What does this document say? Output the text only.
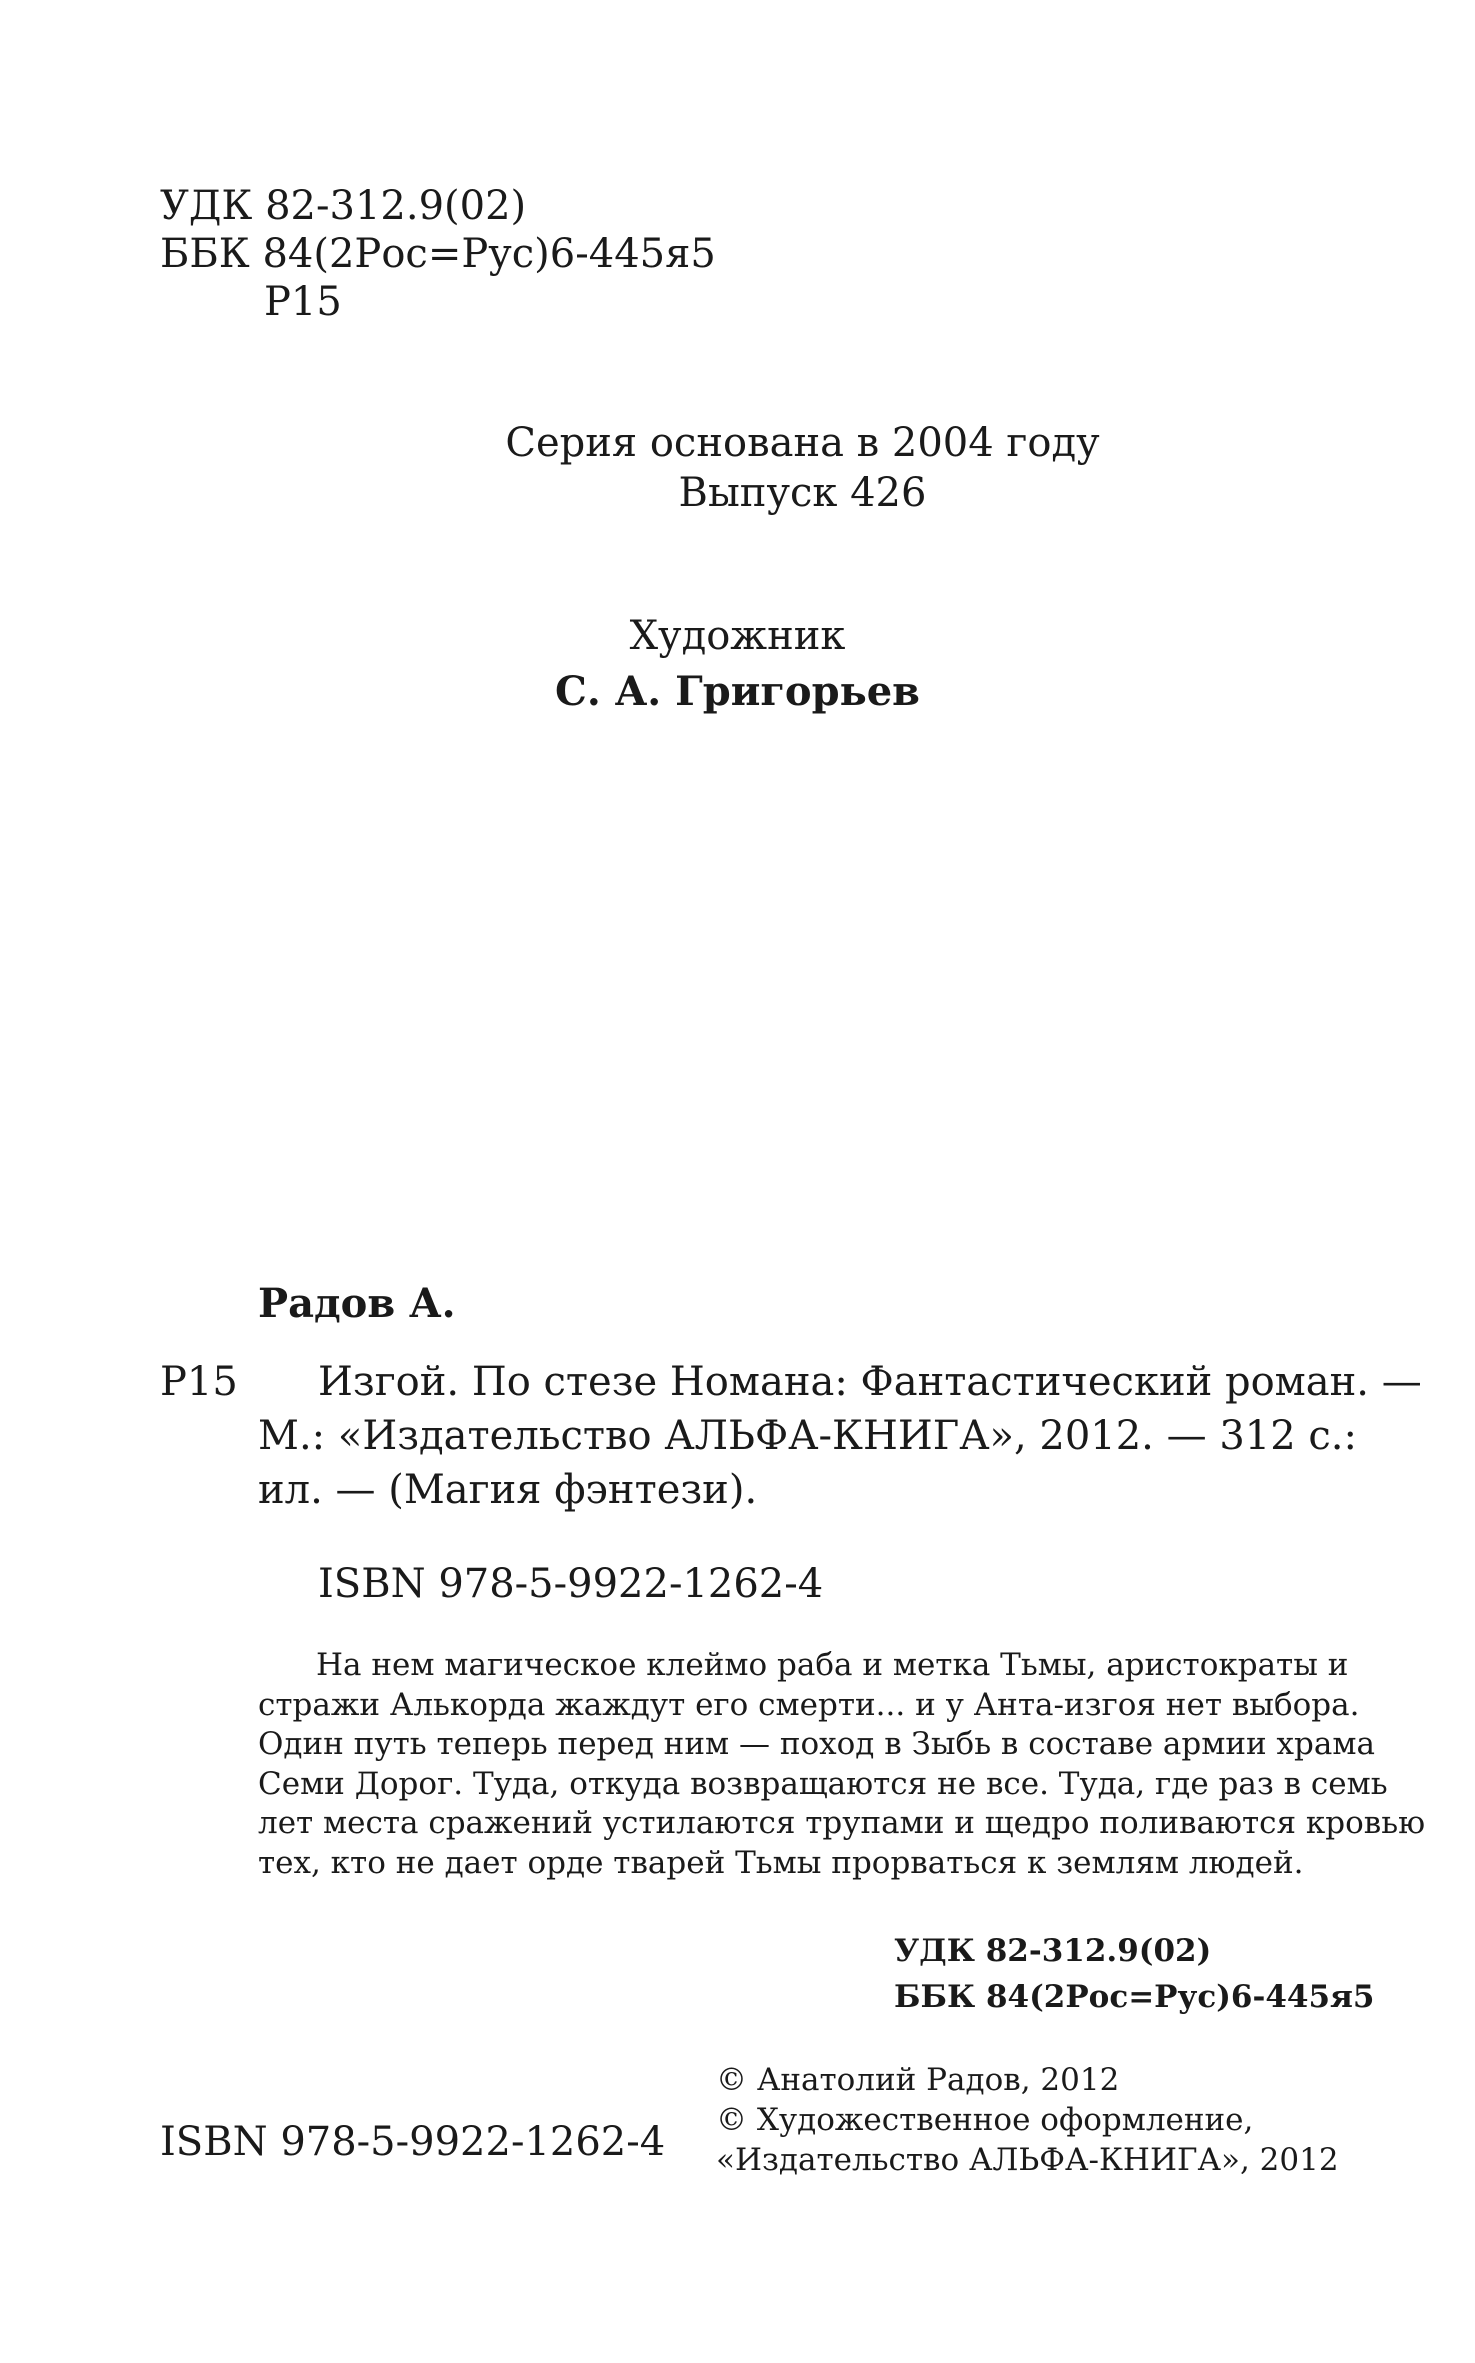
УДК 82-312.9(02)
ББК 84(2Рос=Рус)6-445я5
Р15
Серия основана в 2004 году
Выпуск 426
Художник
С. А. Григорьев
Радов А.
Р15	Изгой. По стезе Номана: Фантастический роман. —
М.: «Издательство АЛЬФА-КНИГА», 2012. — 312 с.:
ил. — (Магия фэнтези).
ISBN 978-5-9922-1262-4
На нем магическое клеймо раба и метка Тьмы, аристократы и
стражи Алькорда жаждут его смерти... и у Анта-изгоя нет выбора.
Один путь теперь перед ним — поход в Зыбь в составе армии храма
Семи Дорог. Туда, откуда возвращаются не все. Туда, где раз в семь
лет места сражений устилаются трупами и щедро поливаются кровью
тех, кто не дает орде тварей Тьмы прорваться к землям людей.
УДК 82-312.9(02)
ББК 84(2Рос=Рус)6-445я5
ISBN 978-5-9922-1262-4
© Анатолий Радов, 2012
© Художественное оформление,
«Издательство АЛЬФА-КНИГА», 2012
